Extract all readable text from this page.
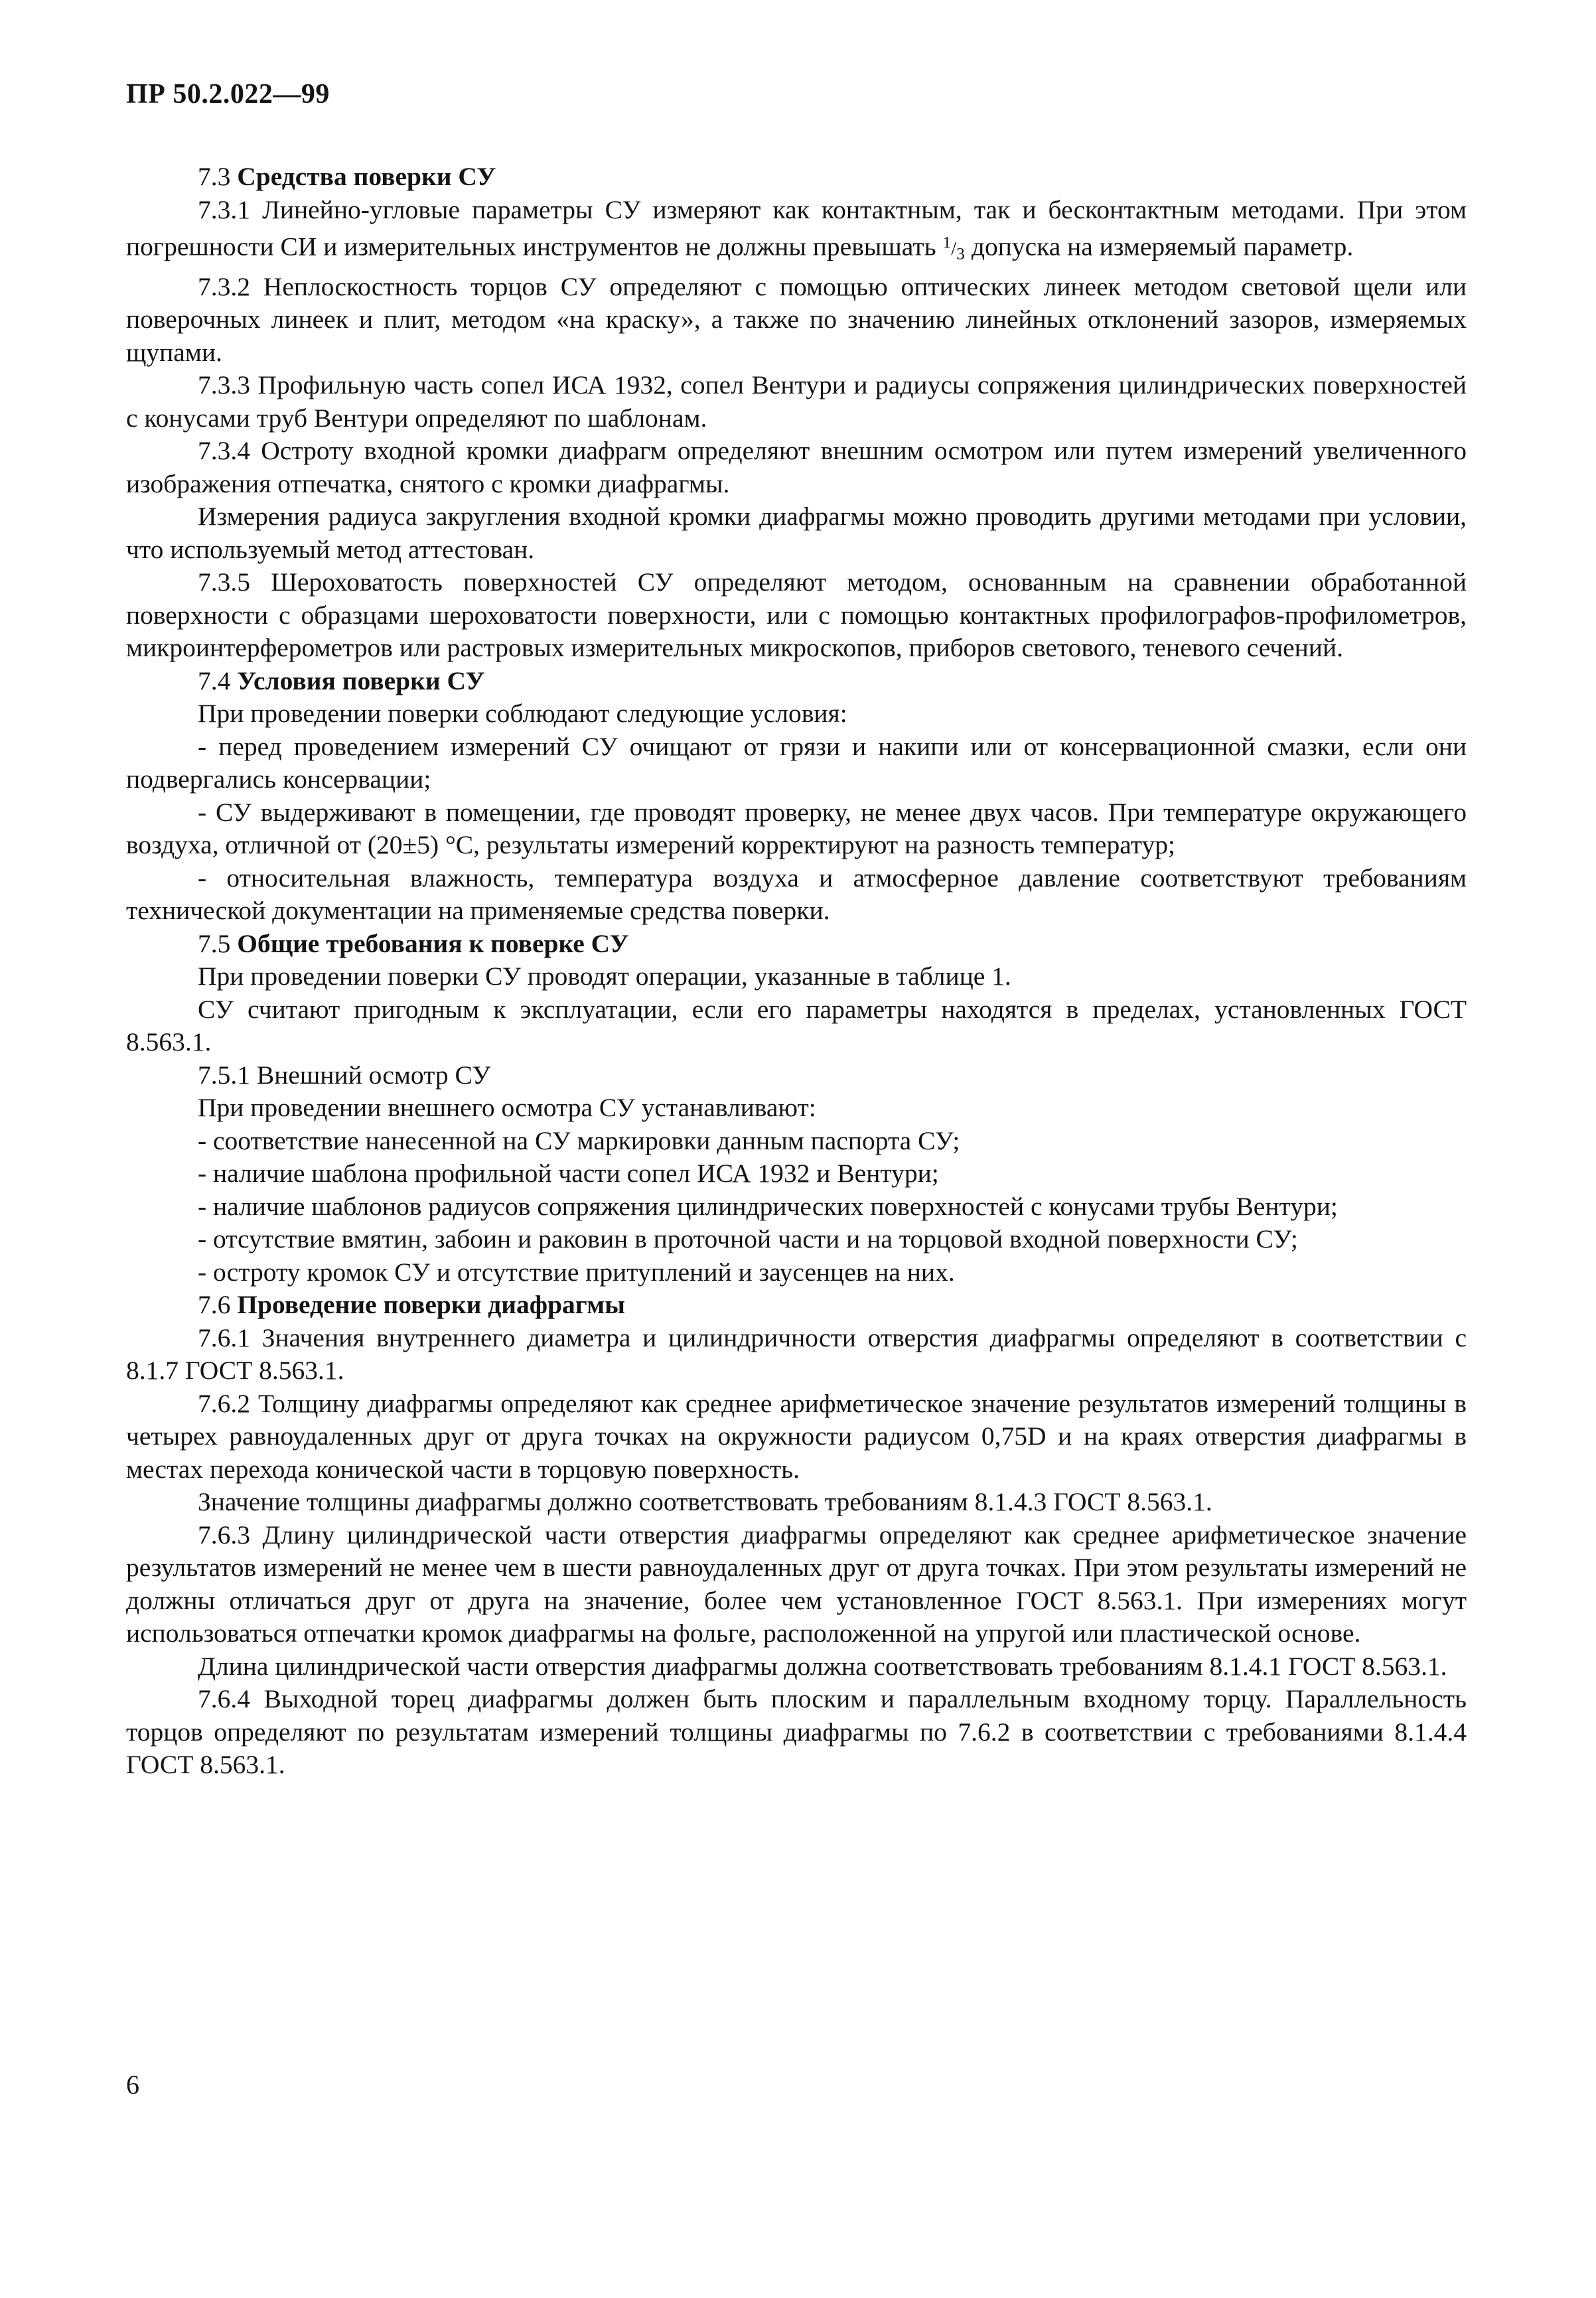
ПР 50.2.022—99

7.3 Средства поверки СУ

7.3.1 Линейно-угловые параметры СУ измеряют как контактным, так и бесконтактным методами. При этом погрешности СИ и измерительных инструментов не должны превышать $^1/_3$ допуска на измеряемый параметр.

7.3.2 Неплоскостность торцов СУ определяют с помощью оптических линеек методом световой щели или поверочных линеек и плит, методом «на краску», а также по значению линейных отклонений зазоров, измеряемых щупами.

7.3.3 Профильную часть сопел ИСА 1932, сопел Вентури и радиусы сопряжения цилиндрических поверхностей с конусами труб Вентури определяют по шаблонам.

7.3.4 Остроту входной кромки диафрагм определяют внешним осмотром или путем измерений увеличенного изображения отпечатка, снятого с кромки диафрагмы.

Измерения радиуса закругления входной кромки диафрагмы можно проводить другими методами при условии, что используемый метод аттестован.

7.3.5 Шероховатость поверхностей СУ определяют методом, основанным на сравнении обработанной поверхности с образцами шероховатости поверхности, или с помощью контактных профилографов-профилометров, микроинтерферометров или растровых измерительных микроскопов, приборов светового, теневого сечений.

7.4 Условия поверки СУ

При проведении поверки соблюдают следующие условия:

- перед проведением измерений СУ очищают от грязи и накипи или от консервационной смазки, если они подвергались консервации;

- СУ выдерживают в помещении, где проводят проверку, не менее двух часов. При температуре окружающего воздуха, отличной от (20±5) °С, результаты измерений корректируют на разность температур;

- относительная влажность, температура воздуха и атмосферное давление соответствуют требованиям технической документации на применяемые средства поверки.

7.5 Общие требования к поверке СУ

При проведении поверки СУ проводят операции, указанные в таблице 1.

СУ считают пригодным к эксплуатации, если его параметры находятся в пределах, установленных ГОСТ 8.563.1.

7.5.1 Внешний осмотр СУ

При проведении внешнего осмотра СУ устанавливают:

- соответствие нанесенной на СУ маркировки данным паспорта СУ;

- наличие шаблона профильной части сопел ИСА 1932 и Вентури;

- наличие шаблонов радиусов сопряжения цилиндрических поверхностей с конусами трубы Вентури;

- отсутствие вмятин, забоин и раковин в проточной части и на торцовой входной поверхности СУ;

- остроту кромок СУ и отсутствие притуплений и заусенцев на них.

7.6 Проведение поверки диафрагмы

7.6.1 Значения внутреннего диаметра и цилиндричности отверстия диафрагмы определяют в соответствии с 8.1.7 ГОСТ 8.563.1.

7.6.2 Толщину диафрагмы определяют как среднее арифметическое значение результатов измерений толщины в четырех равноудаленных друг от друга точках на окружности радиусом 0,75D и на краях отверстия диафрагмы в местах перехода конической части в торцовую поверхность.

Значение толщины диафрагмы должно соответствовать требованиям 8.1.4.3 ГОСТ 8.563.1.

7.6.3 Длину цилиндрической части отверстия диафрагмы определяют как среднее арифметическое значение результатов измерений не менее чем в шести равноудаленных друг от друга точках. При этом результаты измерений не должны отличаться друг от друга на значение, более чем установленное ГОСТ 8.563.1. При измерениях могут использоваться отпечатки кромок диафрагмы на фольге, расположенной на упругой или пластической основе.

Длина цилиндрической части отверстия диафрагмы должна соответствовать требованиям 8.1.4.1 ГОСТ 8.563.1.

7.6.4 Выходной торец диафрагмы должен быть плоским и параллельным входному торцу. Параллельность торцов определяют по результатам измерений толщины диафрагмы по 7.6.2 в соответствии с требованиями 8.1.4.4 ГОСТ 8.563.1.

6
